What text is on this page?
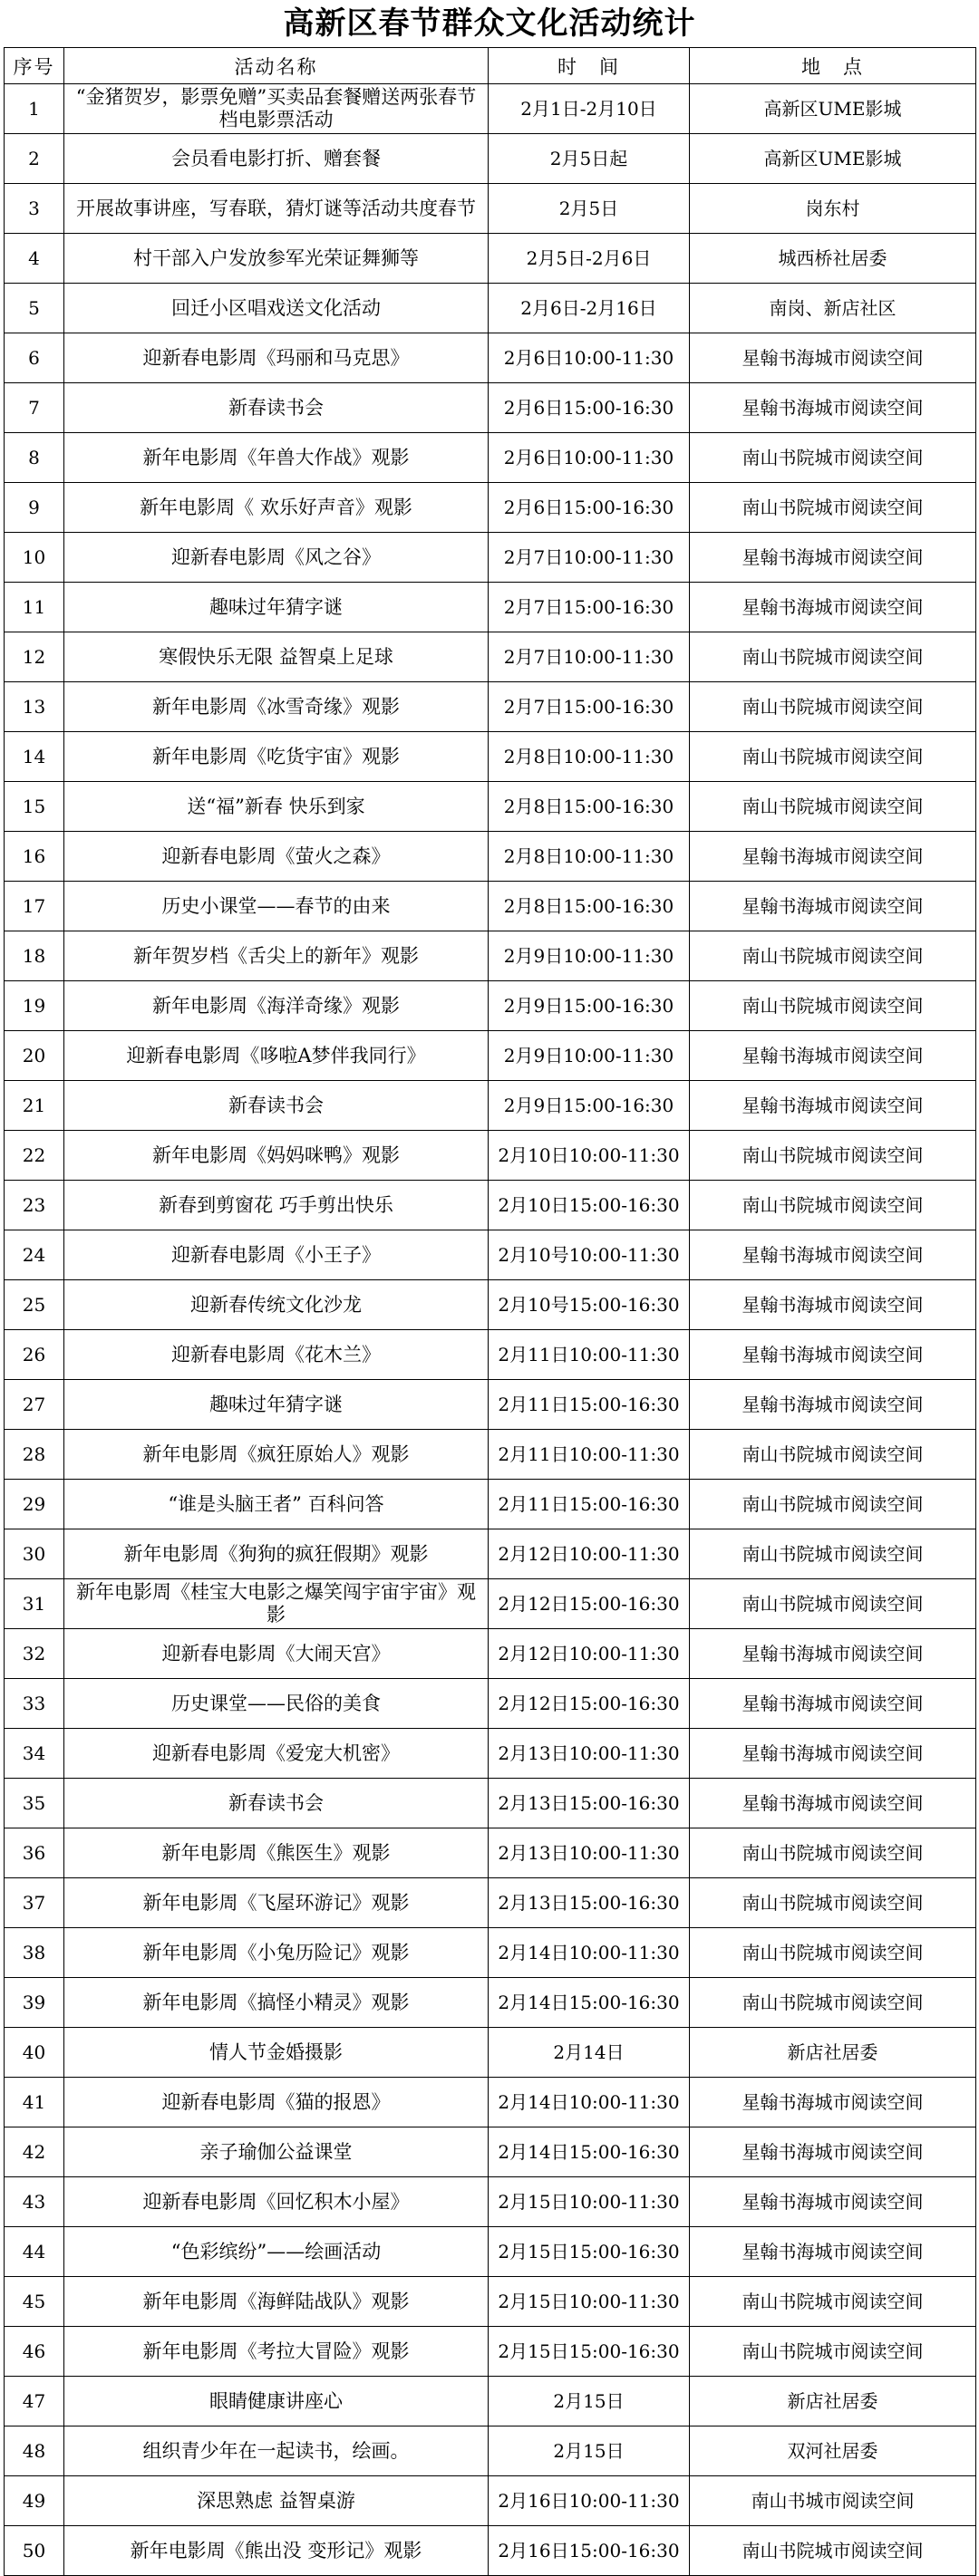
高新区春节群众文化活动统计
序号	活动名称	时　间	地　点
1	“金猪贺岁，影票免赠”买卖品套餐赠送两张春节档电影票活动	2月1日-2月10日	高新区UME影城
2	会员看电影打折、赠套餐	2月5日起	高新区UME影城
3	开展故事讲座，写春联，猜灯谜等活动共度春节	2月5日	岗东村
4	村干部入户发放参军光荣证舞狮等	2月5日-2月6日	城西桥社居委
5	回迁小区唱戏送文化活动	2月6日-2月16日	南岗、新店社区
6	迎新春电影周《玛丽和马克思》	2月6日10:00-11:30	星翰书海城市阅读空间
7	新春读书会	2月6日15:00-16:30	星翰书海城市阅读空间
8	新年电影周《年兽大作战》观影	2月6日10:00-11:30	南山书院城市阅读空间
9	新年电影周《 欢乐好声音》观影	2月6日15:00-16:30	南山书院城市阅读空间
10	迎新春电影周《风之谷》	2月7日10:00-11:30	星翰书海城市阅读空间
11	趣味过年猜字谜	2月7日15:00-16:30	星翰书海城市阅读空间
12	寒假快乐无限 益智桌上足球	2月7日10:00-11:30	南山书院城市阅读空间
13	新年电影周《冰雪奇缘》观影	2月7日15:00-16:30	南山书院城市阅读空间
14	新年电影周《吃货宇宙》观影	2月8日10:00-11:30	南山书院城市阅读空间
15	送“福”新春 快乐到家	2月8日15:00-16:30	南山书院城市阅读空间
16	迎新春电影周《萤火之森》	2月8日10:00-11:30	星翰书海城市阅读空间
17	历史小课堂——春节的由来	2月8日15:00-16:30	星翰书海城市阅读空间
18	新年贺岁档《舌尖上的新年》观影	2月9日10:00-11:30	南山书院城市阅读空间
19	新年电影周《海洋奇缘》观影	2月9日15:00-16:30	南山书院城市阅读空间
20	迎新春电影周《哆啦A梦伴我同行》	2月9日10:00-11:30	星翰书海城市阅读空间
21	新春读书会	2月9日15:00-16:30	星翰书海城市阅读空间
22	新年电影周《妈妈咪鸭》观影	2月10日10:00-11:30	南山书院城市阅读空间
23	新春到剪窗花 巧手剪出快乐	2月10日15:00-16:30	南山书院城市阅读空间
24	迎新春电影周《小王子》	2月10号10:00-11:30	星翰书海城市阅读空间
25	迎新春传统文化沙龙	2月10号15:00-16:30	星翰书海城市阅读空间
26	迎新春电影周《花木兰》	2月11日10:00-11:30	星翰书海城市阅读空间
27	趣味过年猜字谜	2月11日15:00-16:30	星翰书海城市阅读空间
28	新年电影周《疯狂原始人》观影	2月11日10:00-11:30	南山书院城市阅读空间
29	“谁是头脑王者” 百科问答	2月11日15:00-16:30	南山书院城市阅读空间
30	新年电影周《狗狗的疯狂假期》观影	2月12日10:00-11:30	南山书院城市阅读空间
31	新年电影周《桂宝大电影之爆笑闯宇宙宇宙》观影	2月12日15:00-16:30	南山书院城市阅读空间
32	迎新春电影周《大闹天宫》	2月12日10:00-11:30	星翰书海城市阅读空间
33	历史课堂——民俗的美食	2月12日15:00-16:30	星翰书海城市阅读空间
34	迎新春电影周《爱宠大机密》	2月13日10:00-11:30	星翰书海城市阅读空间
35	新春读书会	2月13日15:00-16:30	星翰书海城市阅读空间
36	新年电影周《熊医生》观影	2月13日10:00-11:30	南山书院城市阅读空间
37	新年电影周《飞屋环游记》观影	2月13日15:00-16:30	南山书院城市阅读空间
38	新年电影周《小兔历险记》观影	2月14日10:00-11:30	南山书院城市阅读空间
39	新年电影周《搞怪小精灵》观影	2月14日15:00-16:30	南山书院城市阅读空间
40	情人节金婚摄影	2月14日	新店社居委
41	迎新春电影周《猫的报恩》	2月14日10:00-11:30	星翰书海城市阅读空间
42	亲子瑜伽公益课堂	2月14日15:00-16:30	星翰书海城市阅读空间
43	迎新春电影周《回忆积木小屋》	2月15日10:00-11:30	星翰书海城市阅读空间
44	“色彩缤纷”——绘画活动	2月15日15:00-16:30	星翰书海城市阅读空间
45	新年电影周《海鲜陆战队》观影	2月15日10:00-11:30	南山书院城市阅读空间
46	新年电影周《考拉大冒险》观影	2月15日15:00-16:30	南山书院城市阅读空间
47	眼睛健康讲座心	2月15日	新店社居委
48	组织青少年在一起读书，绘画。	2月15日	双河社居委
49	深思熟虑 益智桌游	2月16日10:00-11:30	南山书城市阅读空间
50	新年电影周《熊出没 变形记》观影	2月16日15:00-16:30	南山书院城市阅读空间
